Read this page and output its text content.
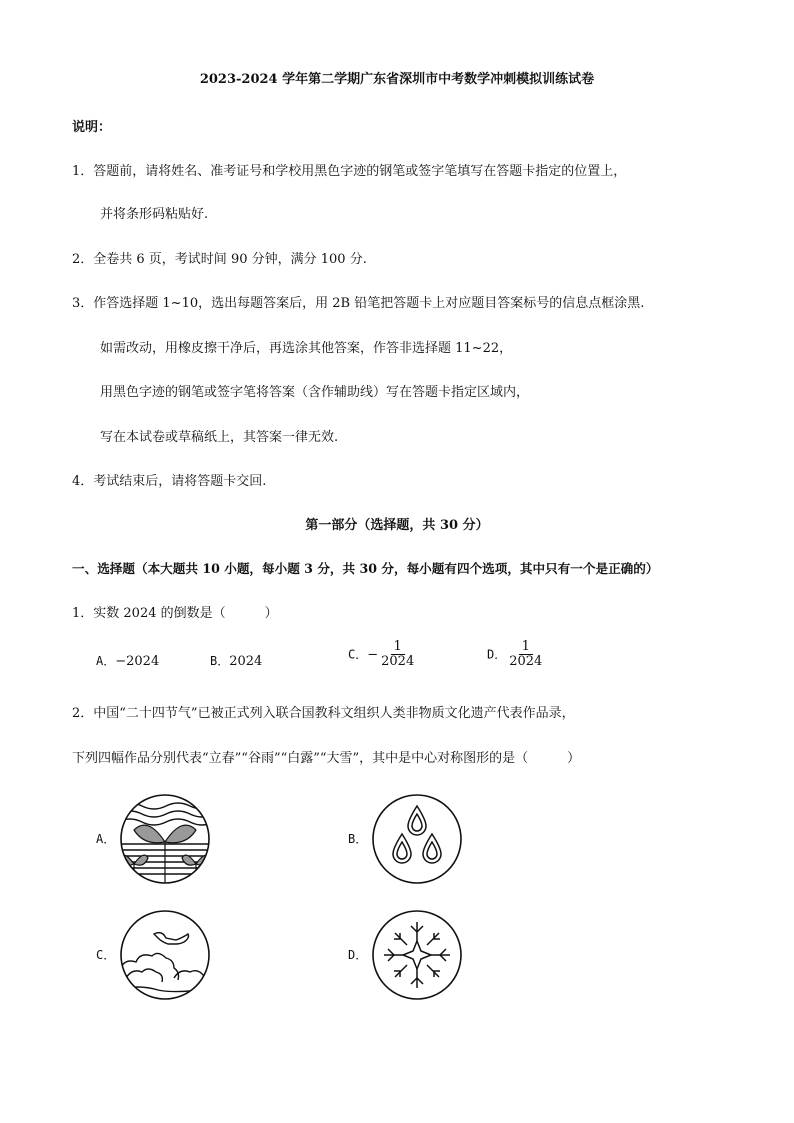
2023-2024 学年第二学期广东省深圳市中考数学冲刺模拟训练试卷
说明：
1．答题前，请将姓名、准考证号和学校用黑色字迹的钢笔或签字笔填写在答题卡指定的位置上，
并将条形码粘贴好.
2．全卷共 6 页，考试时间 90 分钟，满分 100 分.
3．作答选择题 1~10，选出每题答案后，用 2B 铅笔把答题卡上对应题目答案标号的信息点框涂黑.
如需改动，用橡皮擦干净后，再选涂其他答案，作答非选择题 11~22，
用黑色字迹的钢笔或签字笔将答案（含作辅助线）写在答题卡指定区域内，
写在本试卷或草稿纸上，其答案一律无效.
4．考试结束后，请将答题卡交回.
第一部分（选择题，共 30 分）
一、选择题（本大题共 10 小题，每小题 3 分，共 30 分，每小题有四个选项，其中只有一个是正确的）
1．实数 2024 的倒数是（　　　）
A．−2024	B．2024	C．− $\frac{1}{2024}$	D． $\frac{1}{2024}$
2．中国“二十四节气”已被正式列入联合国教科文组织人类非物质文化遗产代表作品录，
下列四幅作品分别代表“立春”“谷雨”“白露”“大雪”，其中是中心对称图形的是（　　　）
A．	B．
C．	D．
